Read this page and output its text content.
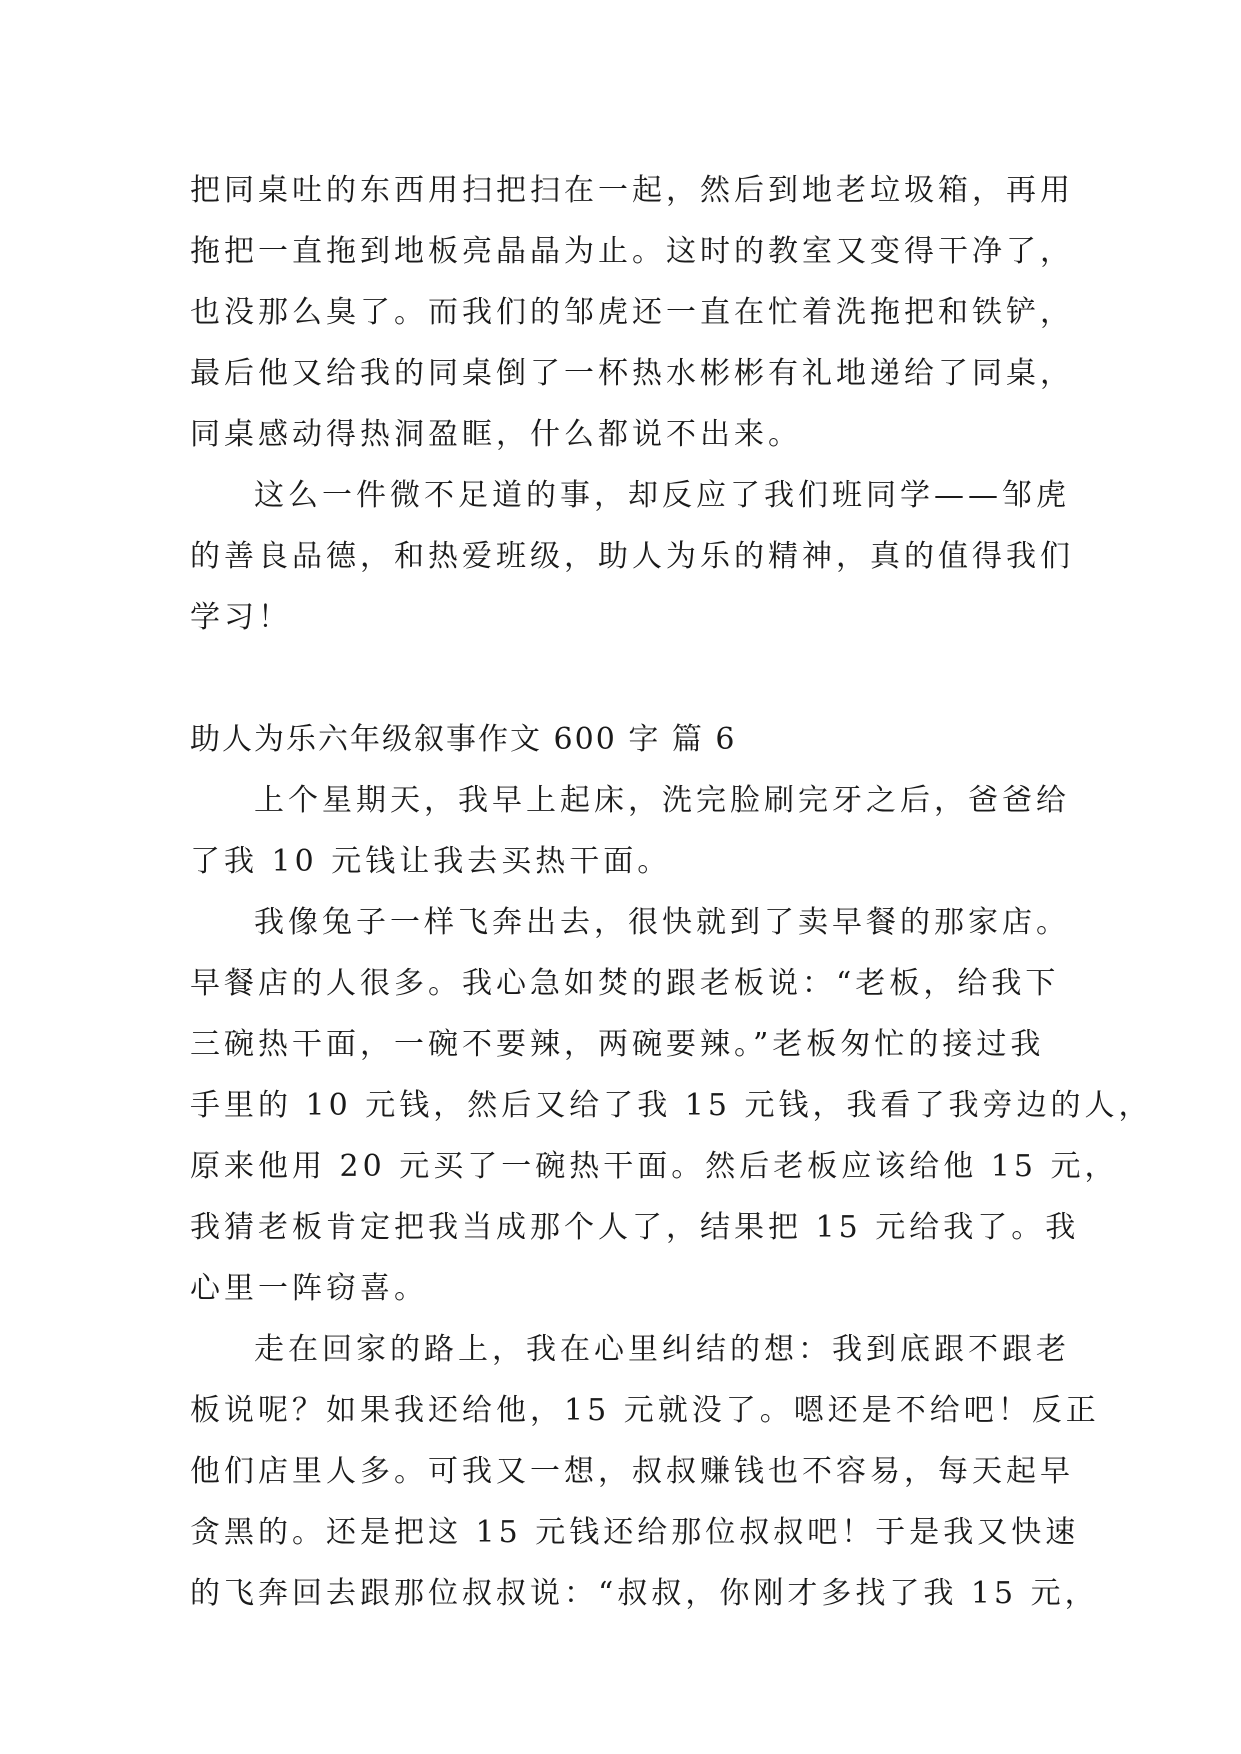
把同桌吐的东西用扫把扫在一起，然后到地老垃圾箱，再用
拖把一直拖到地板亮晶晶为止。这时的教室又变得干净了，
也没那么臭了。而我们的邹虎还一直在忙着洗拖把和铁铲，
最后他又给我的同桌倒了一杯热水彬彬有礼地递给了同桌，
同桌感动得热洞盈眶，什么都说不出来。

这么一件微不足道的事，却反应了我们班同学——邹虎
的善良品德，和热爱班级，助人为乐的精神，真的值得我们
学习！

助人为乐六年级叙事作文 600 字 篇 6

上个星期天，我早上起床，洗完脸刷完牙之后，爸爸给
了我 10 元钱让我去买热干面。

我像兔子一样飞奔出去，很快就到了卖早餐的那家店。
早餐店的人很多。我心急如焚的跟老板说：“老板，给我下
三碗热干面，一碗不要辣，两碗要辣。”老板匆忙的接过我
手里的 10 元钱，然后又给了我 15 元钱，我看了我旁边的人，
原来他用 20 元买了一碗热干面。然后老板应该给他 15 元，
我猜老板肯定把我当成那个人了，结果把 15 元给我了。我
心里一阵窃喜。

走在回家的路上，我在心里纠结的想：我到底跟不跟老
板说呢？如果我还给他，15 元就没了。嗯还是不给吧！反正
他们店里人多。可我又一想，叔叔赚钱也不容易，每天起早
贪黑的。还是把这 15 元钱还给那位叔叔吧！于是我又快速
的飞奔回去跟那位叔叔说：“叔叔，你刚才多找了我 15 元，
